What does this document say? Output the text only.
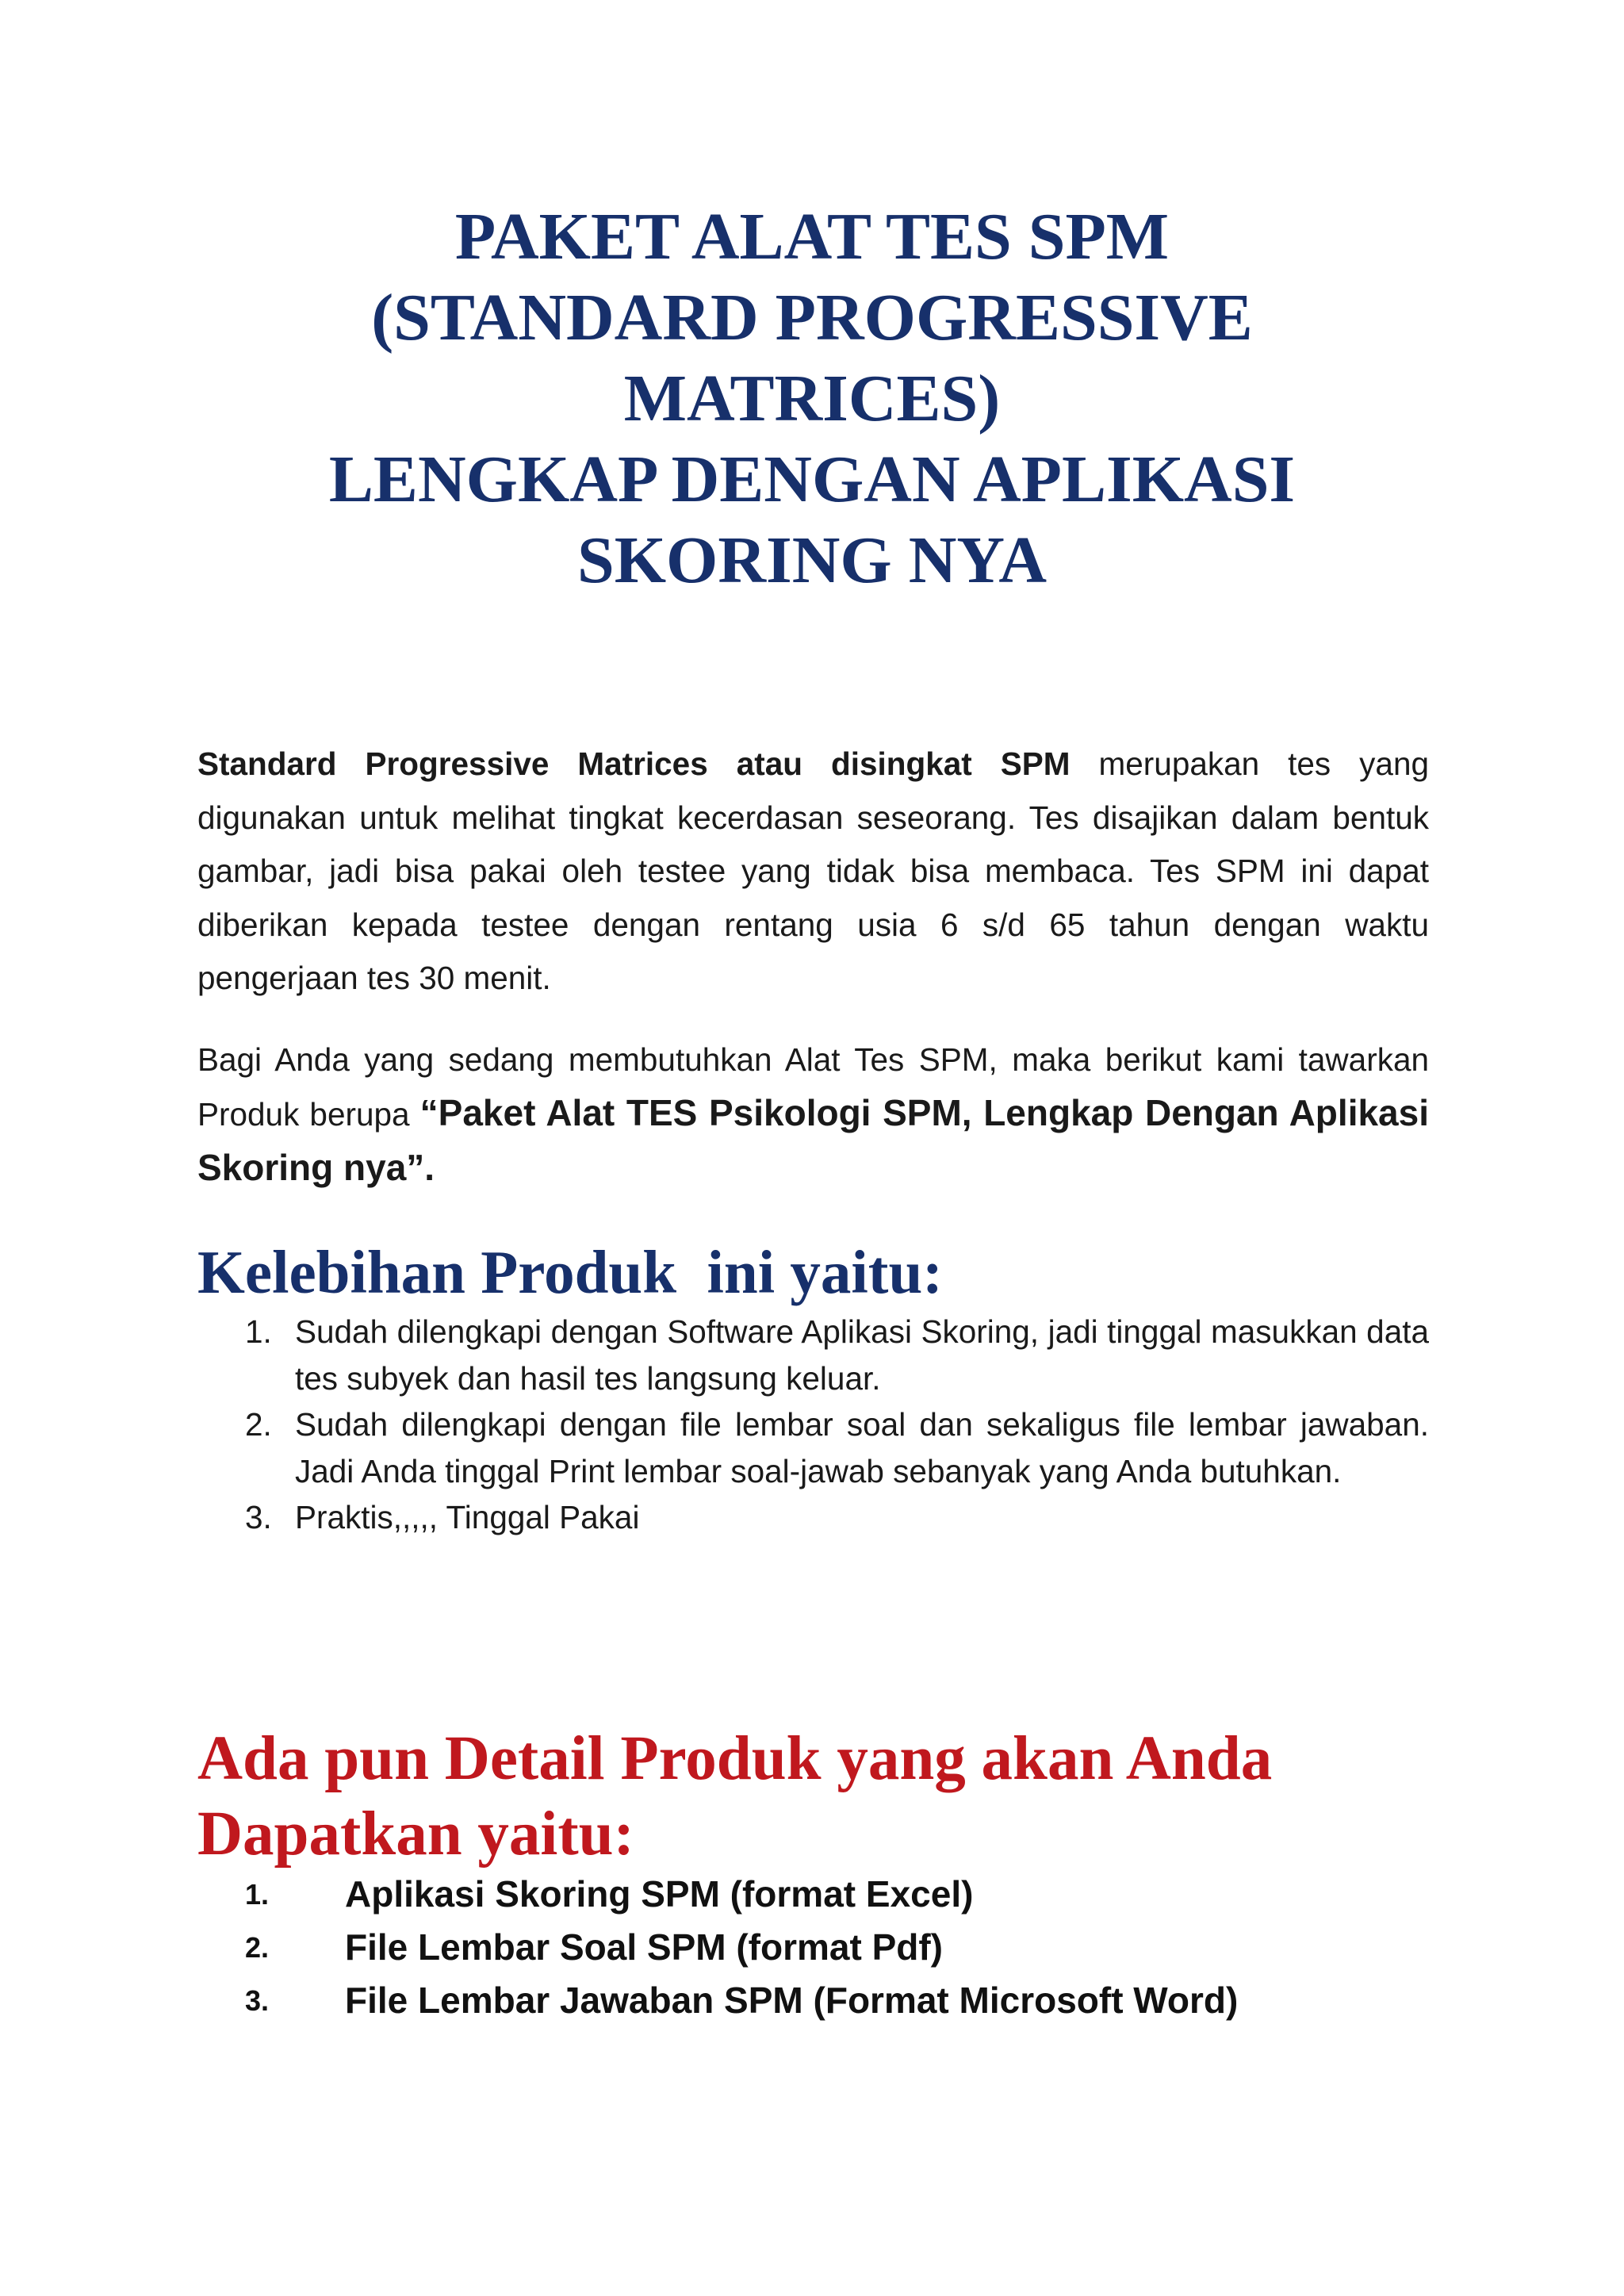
PAKET ALAT TES SPM
(STANDARD PROGRESSIVE
MATRICES)
LENGKAP DENGAN APLIKASI
SKORING NYA
Standard Progressive Matrices atau disingkat SPM merupakan tes yang digunakan untuk melihat tingkat kecerdasan seseorang. Tes disajikan dalam bentuk gambar, jadi bisa pakai oleh testee yang tidak bisa membaca. Tes SPM ini dapat diberikan kepada testee dengan rentang usia 6 s/d 65 tahun dengan waktu pengerjaan tes 30 menit.
Bagi Anda yang sedang membutuhkan Alat Tes SPM, maka berikut kami tawarkan Produk berupa “Paket Alat TES Psikologi SPM, Lengkap Dengan Aplikasi Skoring nya”.
Kelebihan Produk  ini yaitu:
1. Sudah dilengkapi dengan Software Aplikasi Skoring, jadi tinggal masukkan data tes subyek dan hasil tes langsung keluar.
2. Sudah dilengkapi dengan file lembar soal dan sekaligus file lembar jawaban. Jadi Anda tinggal Print lembar soal-jawab sebanyak yang Anda butuhkan.
3. Praktis,,,,, Tinggal Pakai
Ada pun Detail Produk yang akan Anda Dapatkan yaitu:
1. Aplikasi Skoring SPM (format Excel)
2. File Lembar Soal SPM (format Pdf)
3. File Lembar Jawaban SPM (Format Microsoft Word)
